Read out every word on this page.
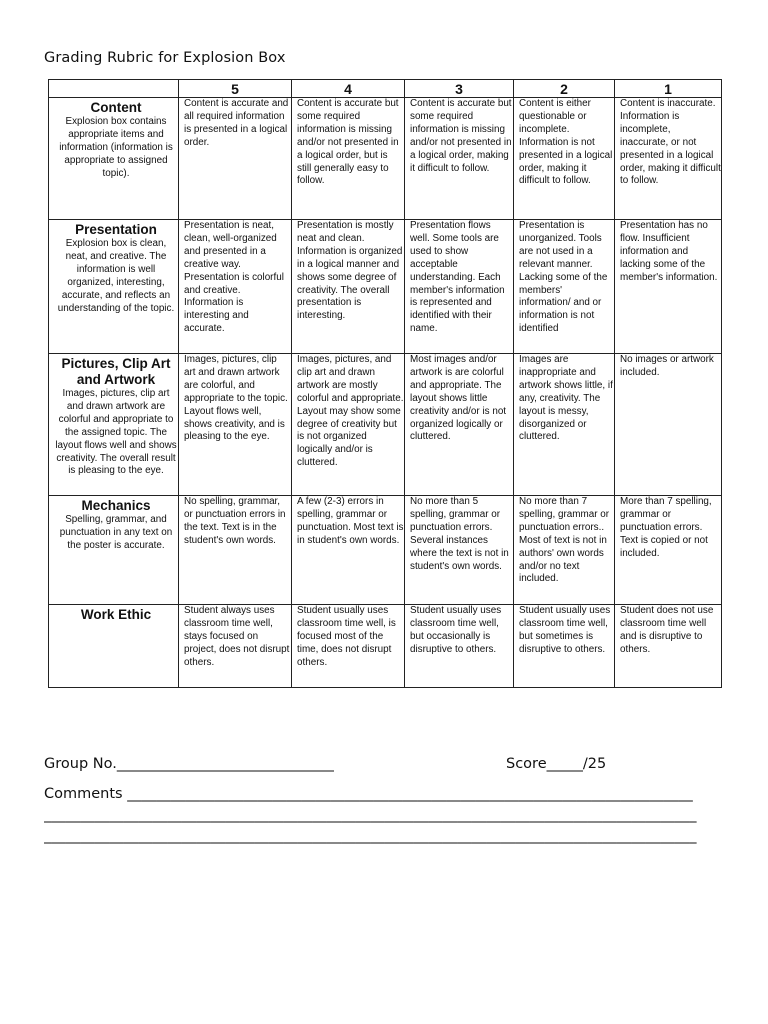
Grading Rubric for Explosion Box
	5	4	3	2	1

Content
Explosion box contains appropriate items and information (information is appropriate to assigned topic).	Content is accurate and all required information is presented in a logical order.	Content is accurate but some required information is missing and/or not presented in a logical order, but is still generally easy to follow.	Content is accurate but some required information is missing and/or not presented in a logical order, making it difficult to follow.	Content is either questionable or incomplete. Information is not presented in a logical order, making it difficult to follow.	Content is inaccurate. Information is incomplete, inaccurate, or not presented in a logical order, making it difficult to follow.

Presentation
Explosion box is clean, neat, and creative. The information is well organized, interesting, accurate, and reflects an understanding of the topic.	Presentation is neat, clean, well-organized and presented in a creative way. Presentation is colorful and creative. Information is interesting and accurate.	Presentation is mostly neat and clean. Information is organized in a logical manner and shows some degree of creativity. The overall presentation is interesting.	Presentation flows well. Some tools are used to show acceptable understanding. Each member's information is represented and identified with their name.	Presentation is unorganized. Tools are not used in a relevant manner. Lacking some of the members' information/ and or information is not identified	Presentation has no flow. Insufficient information and lacking some of the member's information.

Pictures, Clip Art and Artwork
Images, pictures, clip art and drawn artwork are colorful and appropriate to the assigned topic. The layout flows well and shows creativity. The overall result is pleasing to the eye.	Images, pictures, clip art and drawn artwork are colorful, and appropriate to the topic. Layout flows well, shows creativity, and is pleasing to the eye.	Images, pictures, and clip art and drawn artwork are mostly colorful and appropriate. Layout may show some degree of creativity but is not organized logically and/or is cluttered.	Most images and/or artwork is are colorful and appropriate. The layout shows little creativity and/or is not organized logically or cluttered.	Images are inappropriate and artwork shows little, if any, creativity. The layout is messy, disorganized or cluttered.	No images or artwork included.

Mechanics
Spelling, grammar, and punctuation in any text on the poster is accurate.	No spelling, grammar, or punctuation errors in the text. Text is in the student's own words.	A few (2-3) errors in spelling, grammar or punctuation. Most text is in student's own words.	No more than 5 spelling, grammar or punctuation errors. Several instances where the text is not in student's own words.	No more than 7 spelling, grammar or punctuation errors.. Most of text is not in authors' own words and/or no text included.	More than 7 spelling, grammar or punctuation errors. Text is copied or not included.

Work Ethic	Student always uses classroom time well, stays focused on project, does not disrupt others.	Student usually uses classroom time well, is focused most of the time, does not disrupt others.	Student usually uses classroom time well, but occasionally is disruptive to others.	Student usually uses classroom time well, but sometimes is disruptive to others.	Student does not use classroom time well and is disruptive to others.
Group No.______________________________	Score_____/25
Comments ______________________________________________________________________________
__________________________________________________________________________________________
__________________________________________________________________________________________
